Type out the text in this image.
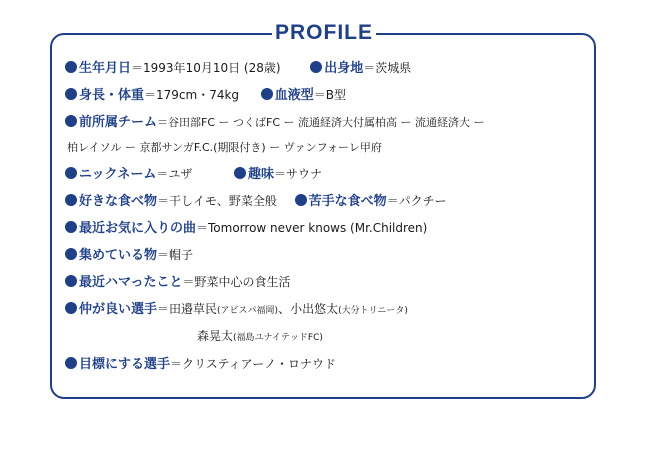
PROFILE
生年月日＝1993年10月10日 (28歳)	出身地＝茨城県
身長・体重＝179cm・74kg	血液型＝B型
前所属チーム＝谷田部FC ー つくばFC ー 流通経済大付属柏高 ー 流通経済大 ー
柏レイソル ー 京都サンガF.C.(期限付き) ー ヴァンフォーレ甲府
ニックネーム＝ユザ	趣味＝サウナ
好きな食べ物＝干しイモ、野菜全般 苦手な食べ物＝パクチー
最近お気に入りの曲＝Tomorrow never knows (Mr.Children)
集めている物＝帽子
最近ハマったこと＝野菜中心の食生活
仲が良い選手＝田邉草民(アビスパ福岡)、小出悠太(大分トリニータ)
森晃太(福島ユナイテッドFC)
目標にする選手＝クリスティアーノ・ロナウド
